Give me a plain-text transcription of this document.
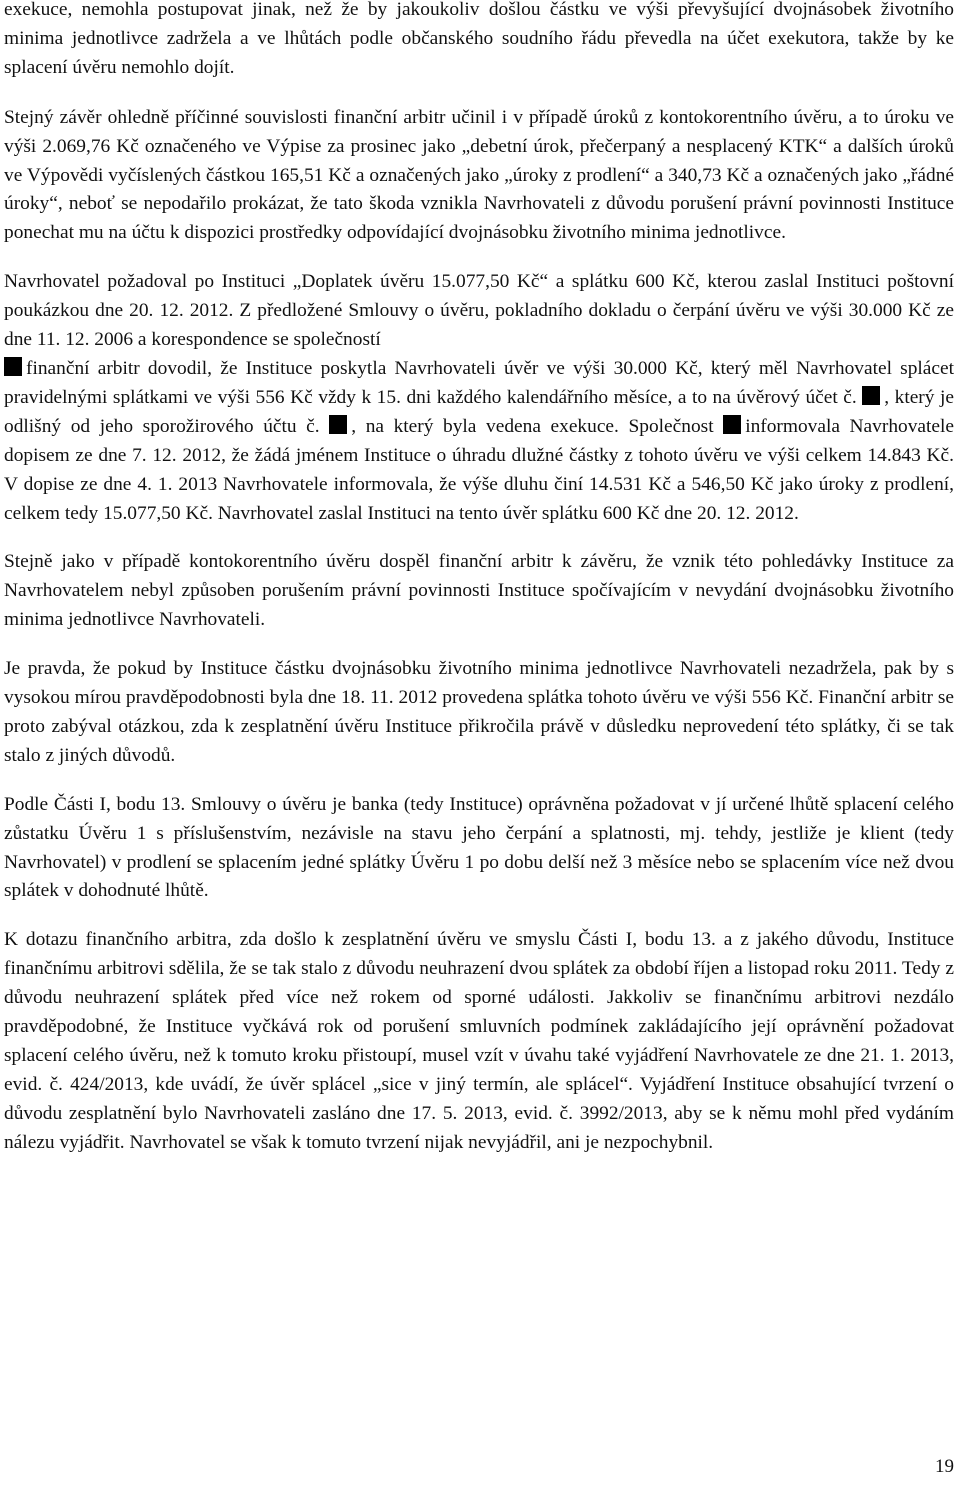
exekuce, nemohla postupovat jinak, než že by jakoukoliv došlou částku ve výši převyšující dvojnásobek životního minima jednotlivce zadržela a ve lhůtách podle občanského soudního řádu převedla na účet exekutora, takže by ke splacení úvěru nemohlo dojít.

Stejný závěr ohledně příčinné souvislosti finanční arbitr učinil i v případě úroků z kontokorentního úvěru, a to úroku ve výši 2.069,76 Kč označeného ve Výpise za prosinec jako „debetní úrok, přečerpaný a nesplacený KTK“ a dalších úroků ve Výpovědi vyčíslených částkou 165,51 Kč a označených jako „úroky z prodlení“ a 340,73 Kč a označených jako „řádné úroky“, neboť se nepodařilo prokázat, že tato škoda vznikla Navrhovateli z důvodu porušení právní povinnosti Instituce ponechat mu na účtu k dispozici prostředky odpovídající dvojnásobku životního minima jednotlivce.

Navrhovatel požadoval po Instituci „Doplatek úvěru 15.077,50 Kč“ a splátku 600 Kč, kterou zaslal Instituci poštovní poukázkou dne 20. 12. 2012. Z předložené Smlouvy o úvěru, pokladního dokladu o čerpání úvěru ve výši 30.000 Kč ze dne 11. 12. 2006 a korespondence se společností
finanční arbitr dovodil, že Instituce poskytla Navrhovateli úvěr ve výši 30.000 Kč, který měl Navrhovatel splácet pravidelnými splátkami ve výši 556 Kč vždy k 15. dni každého kalendářního měsíce, a to na úvěrový účet č. , který je odlišný od jeho sporožirového účtu č. , na který byla vedena exekuce. Společnost informovala Navrhovatele dopisem ze dne 7. 12. 2012, že žádá jménem Instituce o úhradu dlužné částky z tohoto úvěru ve výši celkem 14.843 Kč. V dopise ze dne 4. 1. 2013 Navrhovatele informovala, že výše dluhu činí 14.531 Kč a 546,50 Kč jako úroky z prodlení, celkem tedy 15.077,50 Kč. Navrhovatel zaslal Instituci na tento úvěr splátku 600 Kč dne 20. 12. 2012.

Stejně jako v případě kontokorentního úvěru dospěl finanční arbitr k závěru, že vznik této pohledávky Instituce za Navrhovatelem nebyl způsoben porušením právní povinnosti Instituce spočívajícím v nevydání dvojnásobku životního minima jednotlivce Navrhovateli.

Je pravda, že pokud by Instituce částku dvojnásobku životního minima jednotlivce Navrhovateli nezadržela, pak by s vysokou mírou pravděpodobnosti byla dne 18. 11. 2012 provedena splátka tohoto úvěru ve výši 556 Kč. Finanční arbitr se proto zabýval otázkou, zda k zesplatnění úvěru Instituce přikročila právě v důsledku neprovedení této splátky, či se tak stalo z jiných důvodů.

Podle Části I, bodu 13. Smlouvy o úvěru je banka (tedy Instituce) oprávněna požadovat v jí určené lhůtě splacení celého zůstatku Úvěru 1 s příslušenstvím, nezávisle na stavu jeho čerpání a splatnosti, mj. tehdy, jestliže je klient (tedy Navrhovatel) v prodlení se splacením jedné splátky Úvěru 1 po dobu delší než 3 měsíce nebo se splacením více než dvou splátek v dohodnuté lhůtě.

K dotazu finančního arbitra, zda došlo k zesplatnění úvěru ve smyslu Části I, bodu 13. a z jakého důvodu, Instituce finančnímu arbitrovi sdělila, že se tak stalo z důvodu neuhrazení dvou splátek za období říjen a listopad roku 2011. Tedy z důvodu neuhrazení splátek před více než rokem od sporné události. Jakkoliv se finančnímu arbitrovi nezdálo pravděpodobné, že Instituce vyčkává rok od porušení smluvních podmínek zakládajícího její oprávnění požadovat splacení celého úvěru, než k tomuto kroku přistoupí, musel vzít v úvahu také vyjádření Navrhovatele ze dne 21. 1. 2013, evid. č. 424/2013, kde uvádí, že úvěr splácel „sice v jiný termín, ale splácel“. Vyjádření Instituce obsahující tvrzení o důvodu zesplatnění bylo Navrhovateli zasláno dne 17. 5. 2013, evid. č. 3992/2013, aby se k němu mohl před vydáním nálezu vyjádřit. Navrhovatel se však k tomuto tvrzení nijak nevyjádřil, ani je nezpochybnil.

19
